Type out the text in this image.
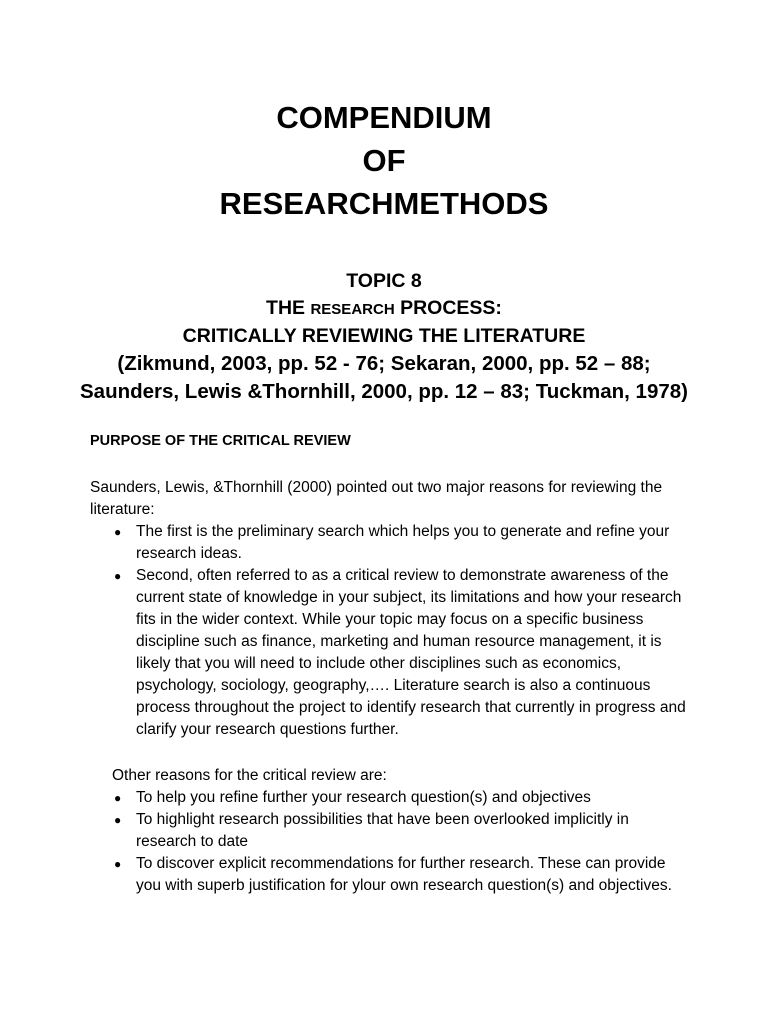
COMPENDIUM
OF
RESEARCHMETHODS
TOPIC 8
THE RESEARCH PROCESS:
CRITICALLY REVIEWING THE LITERATURE
(Zikmund, 2003, pp. 52 - 76; Sekaran, 2000, pp. 52 – 88;
Saunders, Lewis &Thornhill, 2000, pp. 12 – 83; Tuckman, 1978)
PURPOSE OF THE CRITICAL REVIEW
Saunders, Lewis, &Thornhill (2000) pointed out two major reasons for reviewing the literature:
● The first is the preliminary search which helps you to generate and refine your research ideas.
● Second, often referred to as a critical review to demonstrate awareness of the current state of knowledge in your subject, its limitations and how your research fits in the wider context. While your topic may focus on a specific business discipline such as finance, marketing and human resource management, it is likely that you will need to include other disciplines such as economics, psychology, sociology, geography,…. Literature search is also a continuous process throughout the project to identify research that currently in progress and clarify your research questions further.
Other reasons for the critical review are:
● To help you refine further your research question(s) and objectives
● To highlight research possibilities that have been overlooked implicitly in research to date
● To discover explicit recommendations for further research. These can provide you with superb justification for ylour own research question(s) and objectives.
